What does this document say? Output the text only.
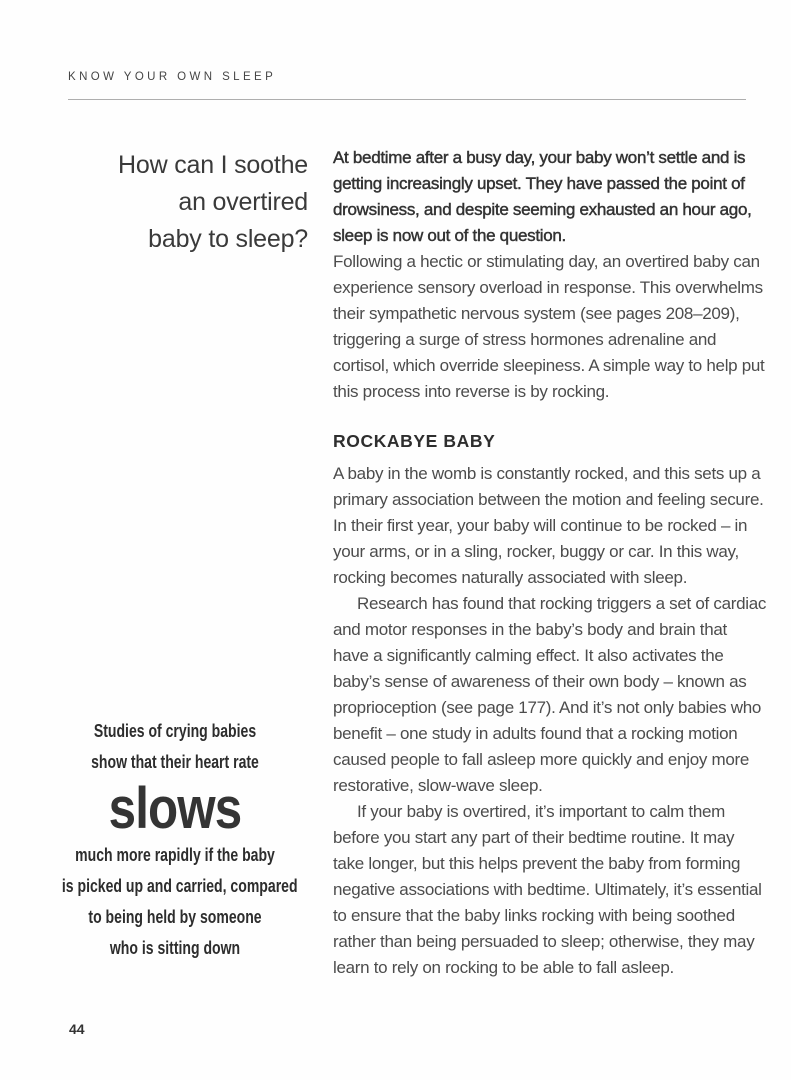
KNOW YOUR OWN SLEEP
How can I soothe
an overtired
baby to sleep?

At bedtime after a busy day, your baby won’t settle and is getting increasingly upset. They have passed the point of drowsiness, and despite seeming exhausted an hour ago, sleep is now out of the question.

Following a hectic or stimulating day, an overtired baby can experience sensory overload in response. This overwhelms their sympathetic nervous system (see pages 208–209), triggering a surge of stress hormones adrenaline and cortisol, which override sleepiness. A simple way to help put this process into reverse is by rocking.

ROCKABYE BABY

A baby in the womb is constantly rocked, and this sets up a primary association between the motion and feeling secure. In their first year, your baby will continue to be rocked – in your arms, or in a sling, rocker, buggy or car. In this way, rocking becomes naturally associated with sleep.

Research has found that rocking triggers a set of cardiac and motor responses in the baby’s body and brain that have a significantly calming effect. It also activates the baby’s sense of awareness of their own body – known as proprioception (see page 177). And it’s not only babies who benefit – one study in adults found that a rocking motion caused people to fall asleep more quickly and enjoy more restorative, slow-wave sleep.

If your baby is overtired, it’s important to calm them before you start any part of their bedtime routine. It may take longer, but this helps prevent the baby from forming negative associations with bedtime. Ultimately, it’s essential to ensure that the baby links rocking with being soothed rather than being persuaded to sleep; otherwise, they may learn to rely on rocking to be able to fall asleep.

Studies of crying babies
show that their heart rate
slows
much more rapidly if the baby
is picked up and carried, compared
to being held by someone
who is sitting down
44
